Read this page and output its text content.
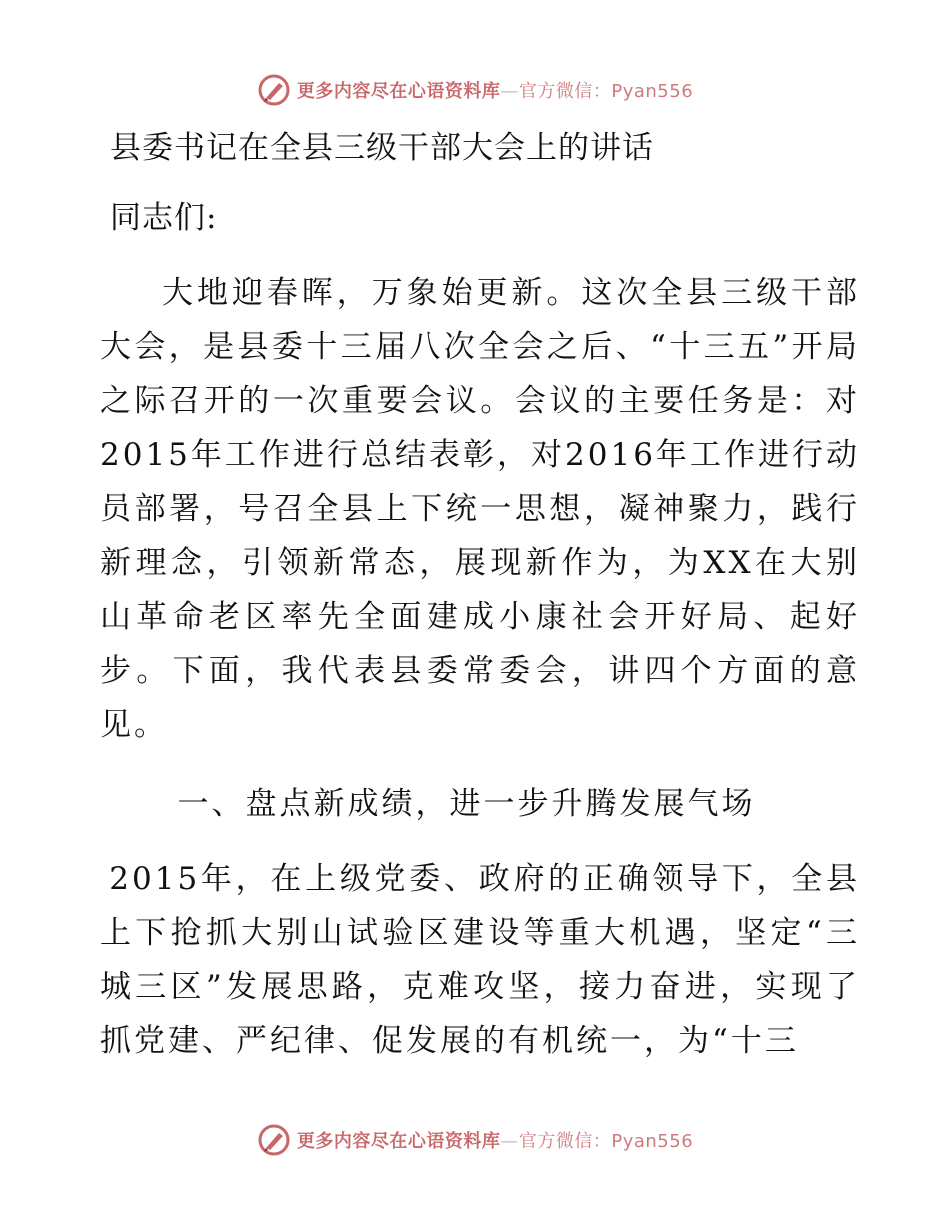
更多内容尽在心语资料库—官方微信：Pyan556
县委书记在全县三级干部大会上的讲话

同志们:

大地迎春晖，万象始更新。这次全县三级干部大会，是县委十三届八次全会之后、“十三五”开局之际召开的一次重要会议。会议的主要任务是：对2015年工作进行总结表彰，对2016年工作进行动员部署，号召全县上下统一思想，凝神聚力，践行新理念，引领新常态，展现新作为，为XX在大别山革命老区率先全面建成小康社会开好局、起好步。下面，我代表县委常委会，讲四个方面的意见。

一、盘点新成绩，进一步升腾发展气场

2015年，在上级党委、政府的正确领导下，全县上下抢抓大别山试验区建设等重大机遇，坚定“三城三区”发展思路，克难攻坚，接力奋进，实现了抓党建、严纪律、促发展的有机统一，为“十三

更多内容尽在心语资料库—官方微信：Pyan556
